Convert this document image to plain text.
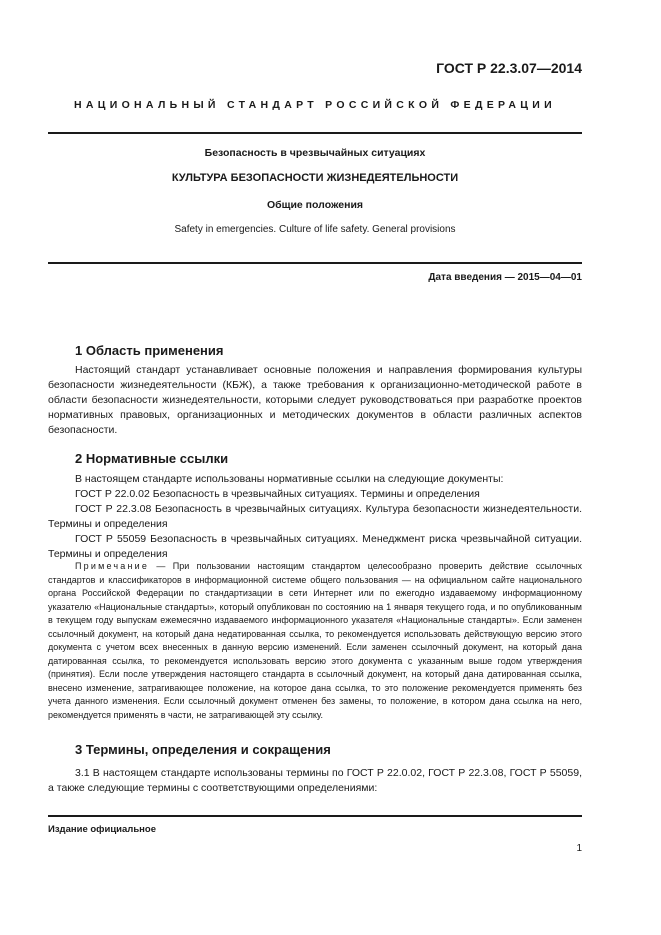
ГОСТ Р 22.3.07—2014
НАЦИОНАЛЬНЫЙ СТАНДАРТ РОССИЙСКОЙ ФЕДЕРАЦИИ
Безопасность в чрезвычайных ситуациях
КУЛЬТУРА БЕЗОПАСНОСТИ ЖИЗНЕДЕЯТЕЛЬНОСТИ
Общие положения
Safety in emergencies. Culture of life safety. General provisions
Дата введения — 2015—04—01
1 Область применения

Настоящий стандарт устанавливает основные положения и направления формирования культуры безопасности жизнедеятельности (КБЖ), а также требования к организационно-методической работе в области безопасности жизнедеятельности, которыми следует руководствоваться при разработке проектов нормативных правовых, организационных и методических документов в области различных аспектов безопасности.

2 Нормативные ссылки

В настоящем стандарте использованы нормативные ссылки на следующие документы:

ГОСТ Р 22.0.02 Безопасность в чрезвычайных ситуациях. Термины и определения

ГОСТ Р 22.3.08 Безопасность в чрезвычайных ситуациях. Культура безопасности жизнедеятельности. Термины и определения

ГОСТ Р 55059 Безопасность в чрезвычайных ситуациях. Менеджмент риска чрезвычайной ситуации. Термины и определения

Примечание — При пользовании настоящим стандартом целесообразно проверить действие ссылочных стандартов и классификаторов в информационной системе общего пользования — на официальном сайте национального органа Российской Федерации по стандартизации в сети Интернет или по ежегодно издаваемому информационному указателю «Национальные стандарты», который опубликован по состоянию на 1 января текущего года, и по опубликованным в текущем году выпускам ежемесячно издаваемого информационного указателя «Национальные стандарты». Если заменен ссылочный документ, на который дана недатированная ссылка, то рекомендуется использовать действующую версию этого документа с учетом всех внесенных в данную версию изменений. Если заменен ссылочный документ, на который дана датированная ссылка, то рекомендуется использовать версию этого документа с указанным выше годом утверждения (принятия). Если после утверждения настоящего стандарта в ссылочный документ, на который дана датированная ссылка, внесено изменение, затрагивающее положение, на которое дана ссылка, то это положение рекомендуется применять без учета данного изменения. Если ссылочный документ отменен без замены, то положение, в котором дана ссылка на него, рекомендуется применять в части, не затрагивающей эту ссылку.

3 Термины, определения и сокращения

3.1 В настоящем стандарте использованы термины по ГОСТ Р 22.0.02, ГОСТ Р 22.3.08, ГОСТ Р 55059, а также следующие термины с соответствующими определениями:

Издание официальное
1
